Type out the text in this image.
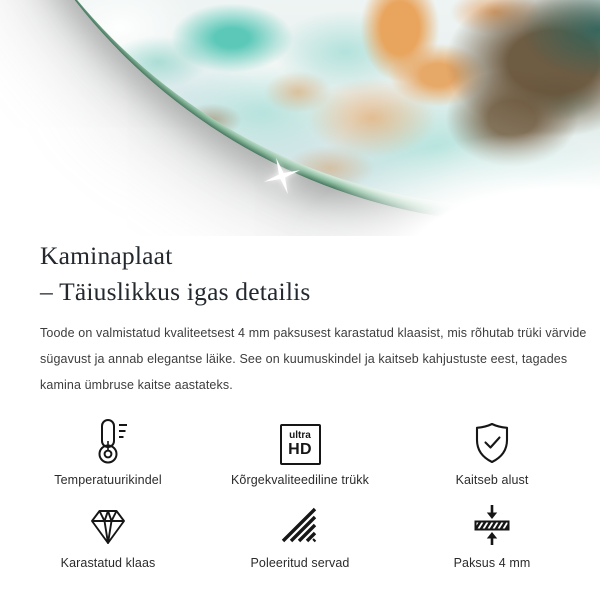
Kaminaplaat
– Täiuslikkus igas detailis
Toode on valmistatud kvaliteetsest 4 mm paksusest karastatud klaasist, mis rõhutab trüki värvide
sügavust ja annab elegantse läike. See on kuumuskindel ja kaitseb kahjustuste eest, tagades
kamina ümbruse kaitse aastateks.
Temperatuurikindel
ultra
HD
Kõrgekvaliteediline trükk	Kaitseb alust
Karastatud klaas	Poleeritud servad	Paksus 4 mm
